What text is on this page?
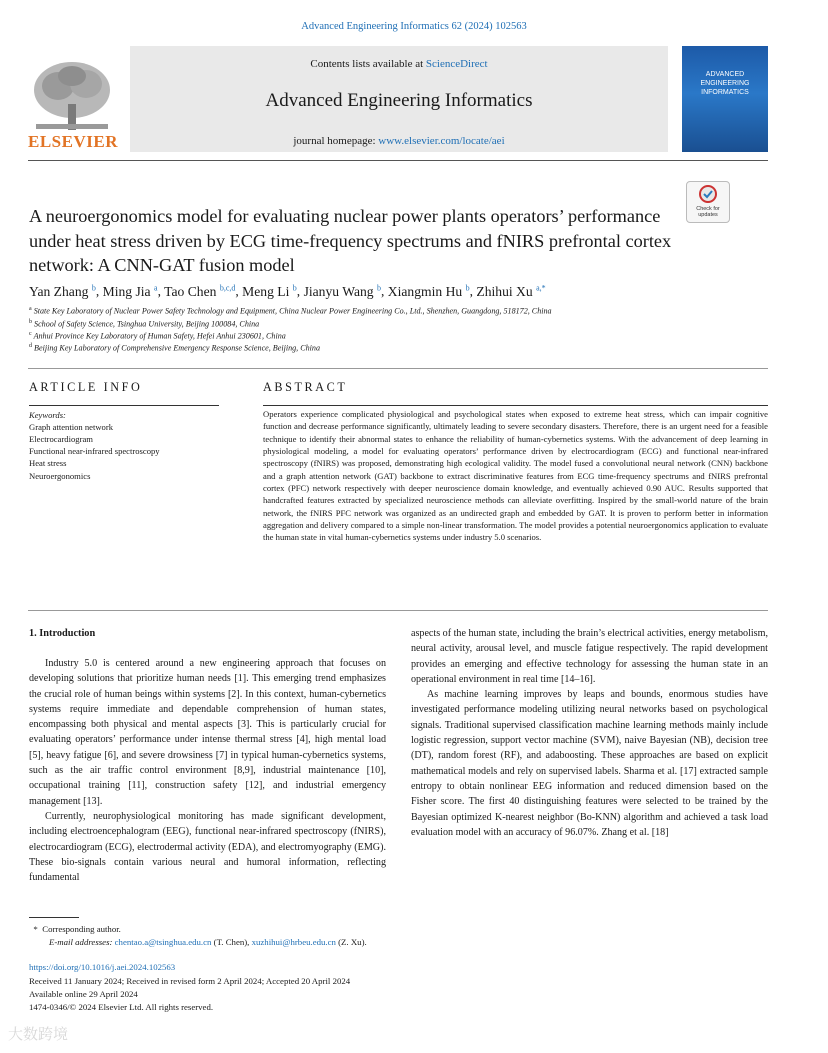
Advanced Engineering Informatics 62 (2024) 102563
Contents lists available at ScienceDirect
Advanced Engineering Informatics
journal homepage: www.elsevier.com/locate/aei
ELSEVIER
ADVANCED ENGINEERING INFORMATICS
Check for
updates
A neuroergonomics model for evaluating nuclear power plants operators’ performance under heat stress driven by ECG time-frequency spectrums and fNIRS prefrontal cortex network: A CNN-GAT fusion model
Yan Zhang $^b$, Ming Jia $^a$, Tao Chen $^{b,c,d}$, Meng Li $^b$, Jianyu Wang $^b$, Xiangmin Hu $^b$, Zhihui Xu $^{a,*}$
$^a$ State Key Laboratory of Nuclear Power Safety Technology and Equipment, China Nuclear Power Engineering Co., Ltd., Shenzhen, Guangdong, 518172, China
$^b$ School of Safety Science, Tsinghua University, Beijing 100084, China
$^c$ Anhui Province Key Laboratory of Human Safety, Hefei Anhui 230601, China
$^d$ Beijing Key Laboratory of Comprehensive Emergency Response Science, Beijing, China
ARTICLE INFO
Keywords:
Graph attention network
Electrocardiogram
Functional near-infrared spectroscopy
Heat stress
Neuroergonomics
ABSTRACT
Operators experience complicated physiological and psychological states when exposed to extreme heat stress, which can impair cognitive function and decrease performance significantly, ultimately leading to severe secondary disasters. Therefore, there is an urgent need for a feasible technique to identify their abnormal states to enhance the reliability of human-cybernetics systems. With the advancement of deep learning in physiological modeling, a model for evaluating operators’ performance driven by electrocardiogram (ECG) and functional near-infrared spectroscopy (fNIRS) was proposed, demonstrating high ecological validity. The model fused a convolutional neural network (CNN) backbone and a graph attention network (GAT) backbone to extract discriminative features from ECG time-frequency spectrums and fNIRS prefrontal cortex (PFC) network respectively with deeper neuroscience domain knowledge, and eventually achieved 0.90 AUC. Results supported that handcrafted features extracted by specialized neuroscience methods can alleviate overfitting. Inspired by the small-world nature of the brain network, the fNIRS PFC network was organized as an undirected graph and embedded by GAT. It is proven to perform better in information aggregation and delivery compared to a simple non-linear transformation. The model provides a potential neuroergonomics application to evaluate the human state in vital human-cybernetics systems under industry 5.0 scenarios.
1. Introduction

Industry 5.0 is centered around a new engineering approach that focuses on developing solutions that prioritize human needs [1]. This emerging trend emphasizes the crucial role of human beings within systems [2]. In this context, human-cybernetics systems require immediate and dependable comprehension of human states, encompassing both physical and mental aspects [3]. This is particularly crucial for evaluating operators’ performance under intense thermal stress [4], high mental load [5], heavy fatigue [6], and severe drowsiness [7] in typical human-cybernetics systems, such as the air traffic control environment [8,9], industrial maintenance [10], occupational training [11], construction safety [12], and industrial emergency management [13].

Currently, neurophysiological monitoring has made significant development, including electroencephalogram (EEG), functional near-infrared spectroscopy (fNIRS), electrocardiogram (ECG), electrodermal activity (EDA), and electromyography (EMG). These bio-signals contain various neural and humoral information, reflecting fundamental

aspects of the human state, including the brain’s electrical activities, energy metabolism, neural activity, arousal level, and muscle fatigue respectively. The rapid development provides an emerging and effective technology for assessing the human state in an operational environment in real time [14–16].

As machine learning improves by leaps and bounds, enormous studies have investigated performance modeling utilizing neural networks based on psychological signals. Traditional supervised classification machine learning methods mainly include logistic regression, support vector machine (SVM), naive Bayesian (NB), decision tree (DT), random forest (RF), and adaboosting. These approaches are based on explicit mathematical models and rely on supervised labels. Sharma et al. [17] extracted sample entropy to obtain nonlinear EEG information and reduced dimension based on the Fisher score. The first 40 distinguishing features were selected to be trained by the Bayesian optimized K-nearest neighbor (Bo-KNN) algorithm and achieved a task load evaluation model with an accuracy of 96.07%. Zhang et al. [18]

*  Corresponding author.
E-mail addresses: chentao.a@tsinghua.edu.cn (T. Chen), xuzhihui@hrbeu.edu.cn (Z. Xu).
https://doi.org/10.1016/j.aei.2024.102563
Received 11 January 2024; Received in revised form 2 April 2024; Accepted 20 April 2024
Available online 29 April 2024
1474-0346/© 2024 Elsevier Ltd. All rights reserved.
大数跨境
